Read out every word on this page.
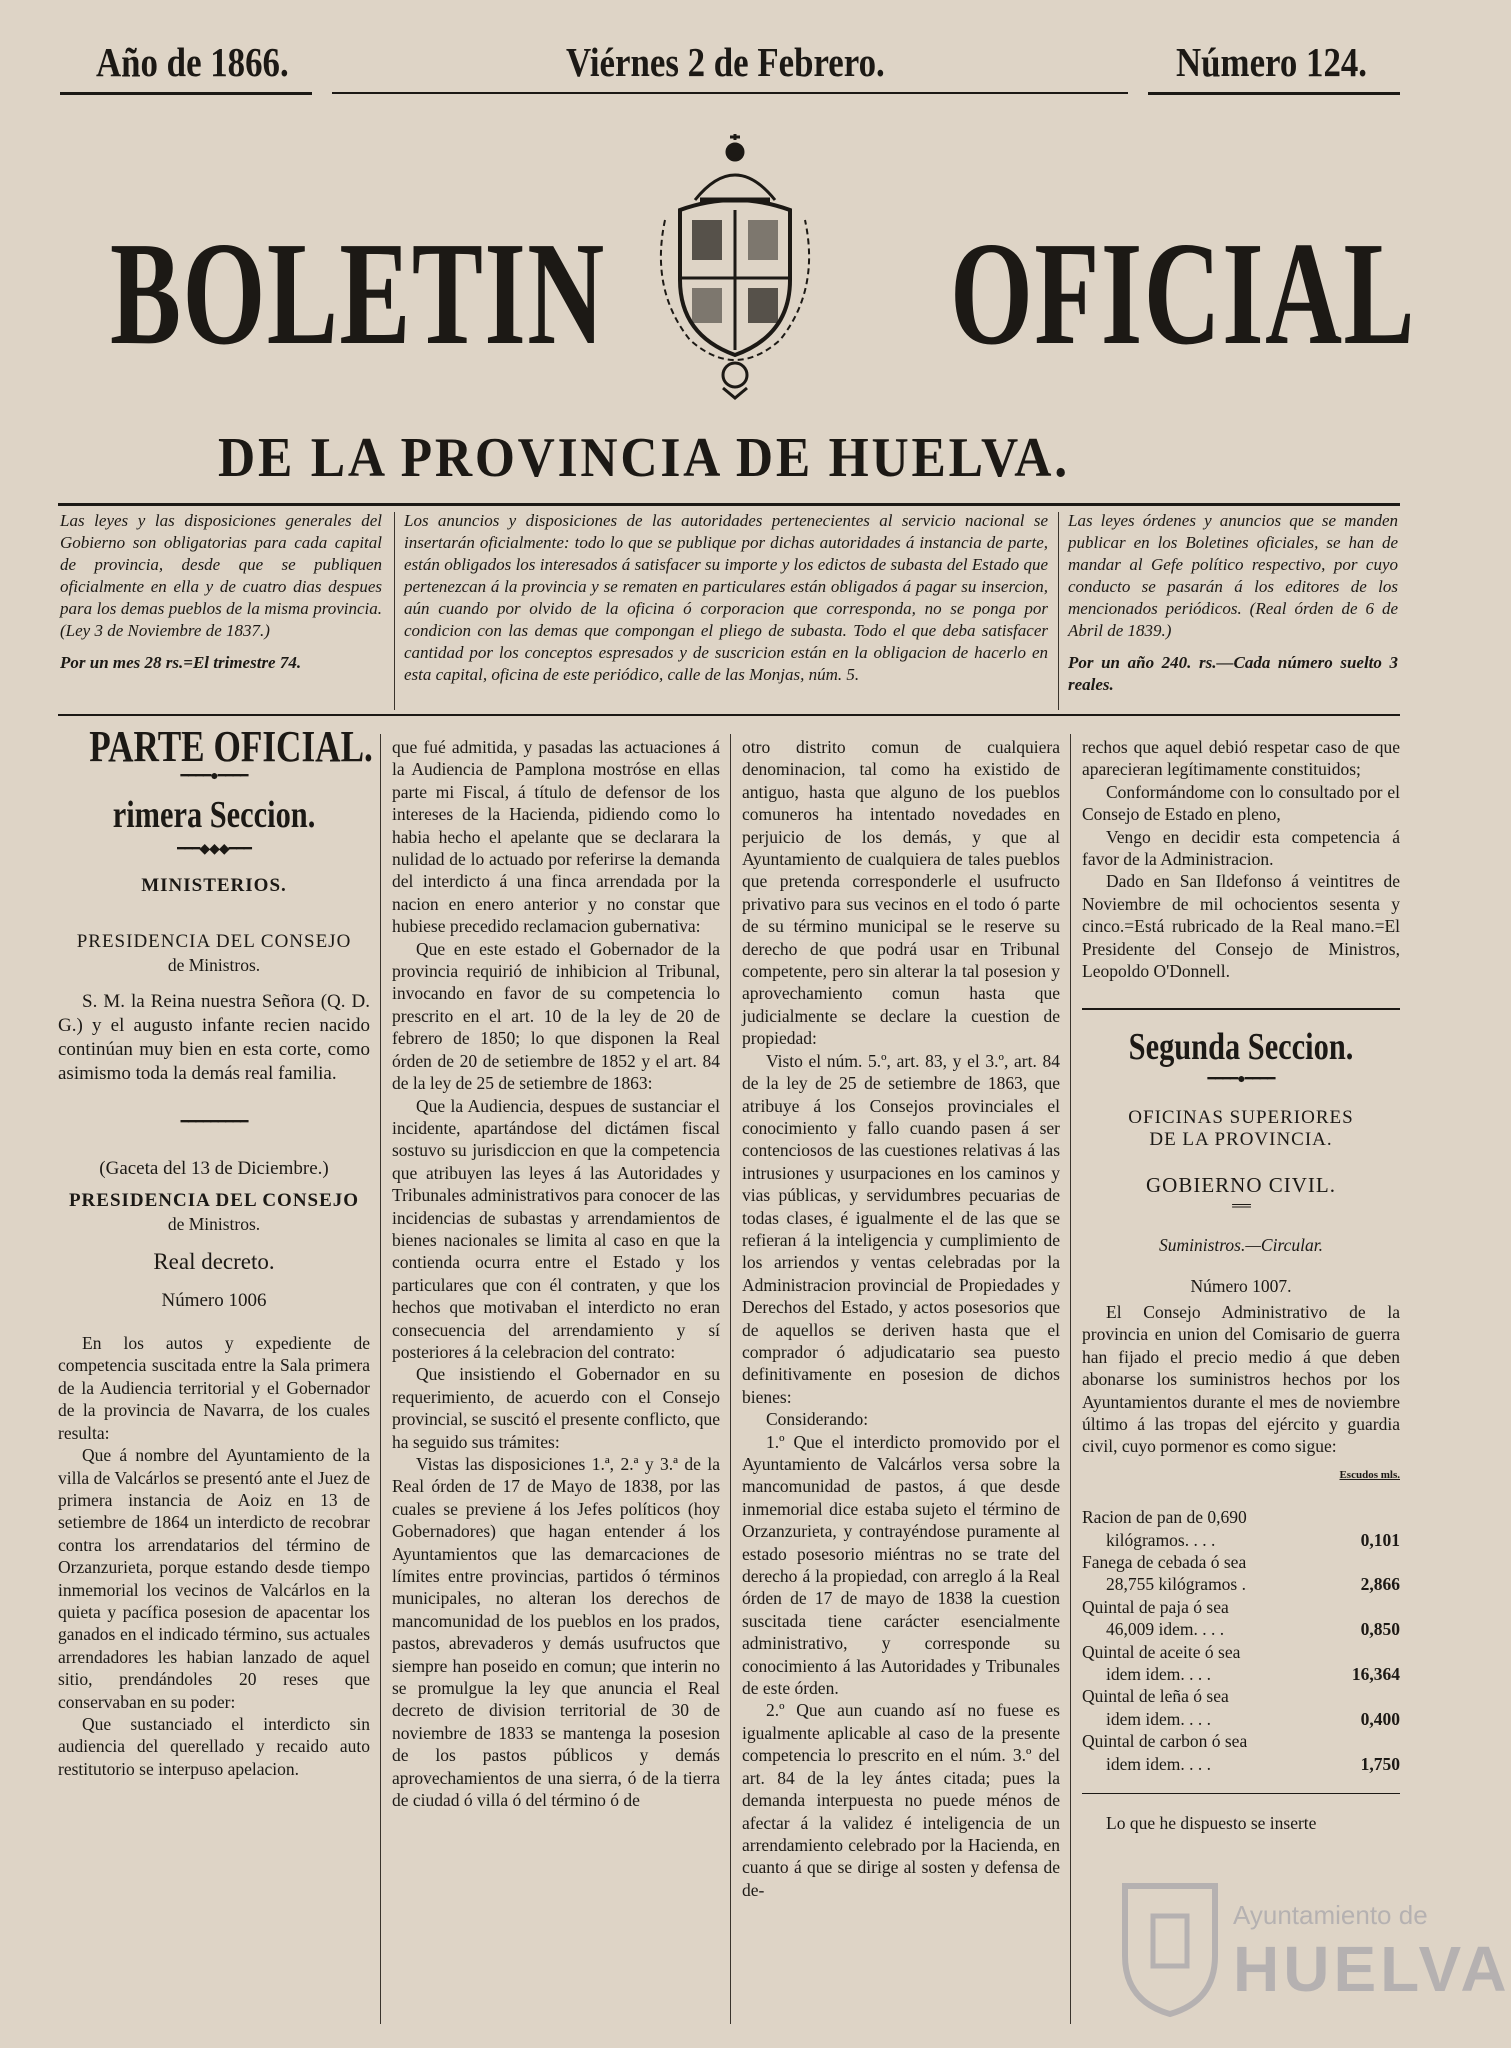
Año de 1866.	Viérnes 2 de Febrero.	Número 124.
BOLETIN OFICIAL
DE LA PROVINCIA DE HUELVA.
Las leyes y las disposiciones generales del Gobierno son obligatorias para cada capital de provincia, desde que se publiquen oficialmente en ella y de cuatro dias despues para los demas pueblos de la misma provincia. (Ley 3 de Noviembre de 1837.)
Por un mes 28 rs.=El trimestre 74.
Los anuncios y disposiciones de las autoridades pertenecientes al servicio nacional se insertarán oficialmente: todo lo que se publique por dichas autoridades á instancia de parte, están obligados los interesados á satisfacer su importe y los edictos de subasta del Estado que pertenezcan á la provincia y se rematen en particulares están obligados á pagar su insercion, aún cuando por olvido de la oficina ó corporacion que corresponda, no se ponga por condicion con las demas que compongan el pliego de subasta. Todo el que deba satisfacer cantidad por los conceptos espresados y de suscricion están en la obligacion de hacerlo en esta capital, oficina de este periódico, calle de las Monjas, núm. 5.
Las leyes órdenes y anuncios que se manden publicar en los Boletines oficiales, se han de mandar al Gefe político respectivo, por cuyo conducto se pasarán á los editores de los mencionados periódicos. (Real órden de 6 de Abril de 1839.)
Por un año 240. rs.—Cada número suelto 3 reales.
PARTE OFICIAL.
━━━━●━━━━
rimera Seccion.
━━━◆◆◆━━━
MINISTERIOS.
PRESIDENCIA DEL CONSEJO
de Ministros.

S. M. la Reina nuestra Señora (Q. D. G.) y el augusto infante recien nacido continúan muy bien en esta corte, como asimismo toda la demás real familia.

━━━━━━━━━
(Gaceta del 13 de Diciembre.)
PRESIDENCIA DEL CONSEJO
de Ministros.
Real decreto.
Número 1006

En los autos y expediente de competencia suscitada entre la Sala primera de la Audiencia territorial y el Gobernador de la provincia de Navarra, de los cuales resulta:

Que á nombre del Ayuntamiento de la villa de Valcárlos se presentó ante el Juez de primera instancia de Aoiz en 13 de setiembre de 1864 un interdicto de recobrar contra los arrendatarios del término de Orzanzurieta, porque estando desde tiempo inmemorial los vecinos de Valcárlos en la quieta y pacífica posesion de apacentar los ganados en el indicado término, sus actuales arrendadores les habian lanzado de aquel sitio, prendándoles 20 reses que conservaban en su poder:

Que sustanciado el interdicto sin audiencia del querellado y recaido auto restitutorio se interpuso apelacion.

que fué admitida, y pasadas las actuaciones á la Audiencia de Pamplona mostróse en ellas parte mi Fiscal, á título de defensor de los intereses de la Hacienda, pidiendo como lo habia hecho el apelante que se declarara la nulidad de lo actuado por referirse la demanda del interdicto á una finca arrendada por la nacion en enero anterior y no constar que hubiese precedido reclamacion gubernativa:

Que en este estado el Gobernador de la provincia requirió de inhibicion al Tribunal, invocando en favor de su competencia lo prescrito en el art. 10 de la ley de 20 de febrero de 1850; lo que disponen la Real órden de 20 de setiembre de 1852 y el art. 84 de la ley de 25 de setiembre de 1863:

Que la Audiencia, despues de sustanciar el incidente, apartándose del dictámen fiscal sostuvo su jurisdiccion en que la competencia que atribuyen las leyes á las Autoridades y Tribunales administrativos para conocer de las incidencias de subastas y arrendamientos de bienes nacionales se limita al caso en que la contienda ocurra entre el Estado y los particulares que con él contraten, y que los hechos que motivaban el interdicto no eran consecuencia del arrendamiento y sí posteriores á la celebracion del contrato:

Que insistiendo el Gobernador en su requerimiento, de acuerdo con el Consejo provincial, se suscitó el presente conflicto, que ha seguido sus trámites:

Vistas las disposiciones 1.ª, 2.ª y 3.ª de la Real órden de 17 de Mayo de 1838, por las cuales se previene á los Jefes políticos (hoy Gobernadores) que hagan entender á los Ayuntamientos que las demarcaciones de límites entre provincias, partidos ó términos municipales, no alteran los derechos de mancomunidad de los pueblos en los prados, pastos, abrevaderos y demás usufructos que siempre han poseido en comun; que interin no se promulgue la ley que anuncia el Real decreto de division territorial de 30 de noviembre de 1833 se mantenga la posesion de los pastos públicos y demás aprovechamientos de una sierra, ó de la tierra de ciudad ó villa ó del término ó de

otro distrito comun de cualquiera denominacion, tal como ha existido de antiguo, hasta que alguno de los pueblos comuneros ha intentado novedades en perjuicio de los demás, y que al Ayuntamiento de cualquiera de tales pueblos que pretenda corresponderle el usufructo privativo para sus vecinos en el todo ó parte de su término municipal se le reserve su derecho de que podrá usar en Tribunal competente, pero sin alterar la tal posesion y aprovechamiento comun hasta que judicialmente se declare la cuestion de propiedad:

Visto el núm. 5.º, art. 83, y el 3.º, art. 84 de la ley de 25 de setiembre de 1863, que atribuye á los Consejos provinciales el conocimiento y fallo cuando pasen á ser contenciosos de las cuestiones relativas á las intrusiones y usurpaciones en los caminos y vias públicas, y servidumbres pecuarias de todas clases, é igualmente el de las que se refieran á la inteligencia y cumplimiento de los arriendos y ventas celebradas por la Administracion provincial de Propiedades y Derechos del Estado, y actos posesorios que de aquellos se deriven hasta que el comprador ó adjudicatario sea puesto definitivamente en posesion de dichos bienes:

Considerando:

1.º Que el interdicto promovido por el Ayuntamiento de Valcárlos versa sobre la mancomunidad de pastos, á que desde inmemorial dice estaba sujeto el término de Orzanzurieta, y contrayéndose puramente al estado posesorio miéntras no se trate del derecho á la propiedad, con arreglo á la Real órden de 17 de mayo de 1838 la cuestion suscitada tiene carácter esencialmente administrativo, y corresponde su conocimiento á las Autoridades y Tribunales de este órden.

2.º Que aun cuando así no fuese es igualmente aplicable al caso de la presente competencia lo prescrito en el núm. 3.º del art. 84 de la ley ántes citada; pues la demanda interpuesta no puede ménos de afectar á la validez é inteligencia de un arrendamiento celebrado por la Hacienda, en cuanto á que se dirige al sosten y defensa de de-

rechos que aquel debió respetar caso de que aparecieran legítimamente constituidos;

Conformándome con lo consultado por el Consejo de Estado en pleno,

Vengo en decidir esta competencia á favor de la Administracion.

Dado en San Ildefonso á veintitres de Noviembre de mil ochocientos sesenta y cinco.=Está rubricado de la Real mano.=El Presidente del Consejo de Ministros, Leopoldo O'Donnell.

Segunda Seccion.
━━━━●━━━━
OFICINAS SUPERIORES DE LA PROVINCIA.
GOBIERNO CIVIL.
══
Suministros.—Circular.
Número 1007.

El Consejo Administrativo de la provincia en union del Comisario de guerra han fijado el precio medio á que deben abonarse los suministros hechos por los Ayuntamientos durante el mes de noviembre último á las tropas del ejército y guardia civil, cuyo pormenor es como sigue:

Escudos mls.
Racion de pan de 0,690
kilógramos. . . .	0,101
Fanega de cebada ó sea
28,755 kilógramos .	2,866
Quintal de paja ó sea
46,009 idem. . . .	0,850
Quintal de aceite ó sea
idem idem. . . .	16,364
Quintal de leña ó sea
idem idem. . . .	0,400
Quintal de carbon ó sea
idem idem. . . .	1,750

Lo que he dispuesto se inserte

Ayuntamiento de
HUELVA
